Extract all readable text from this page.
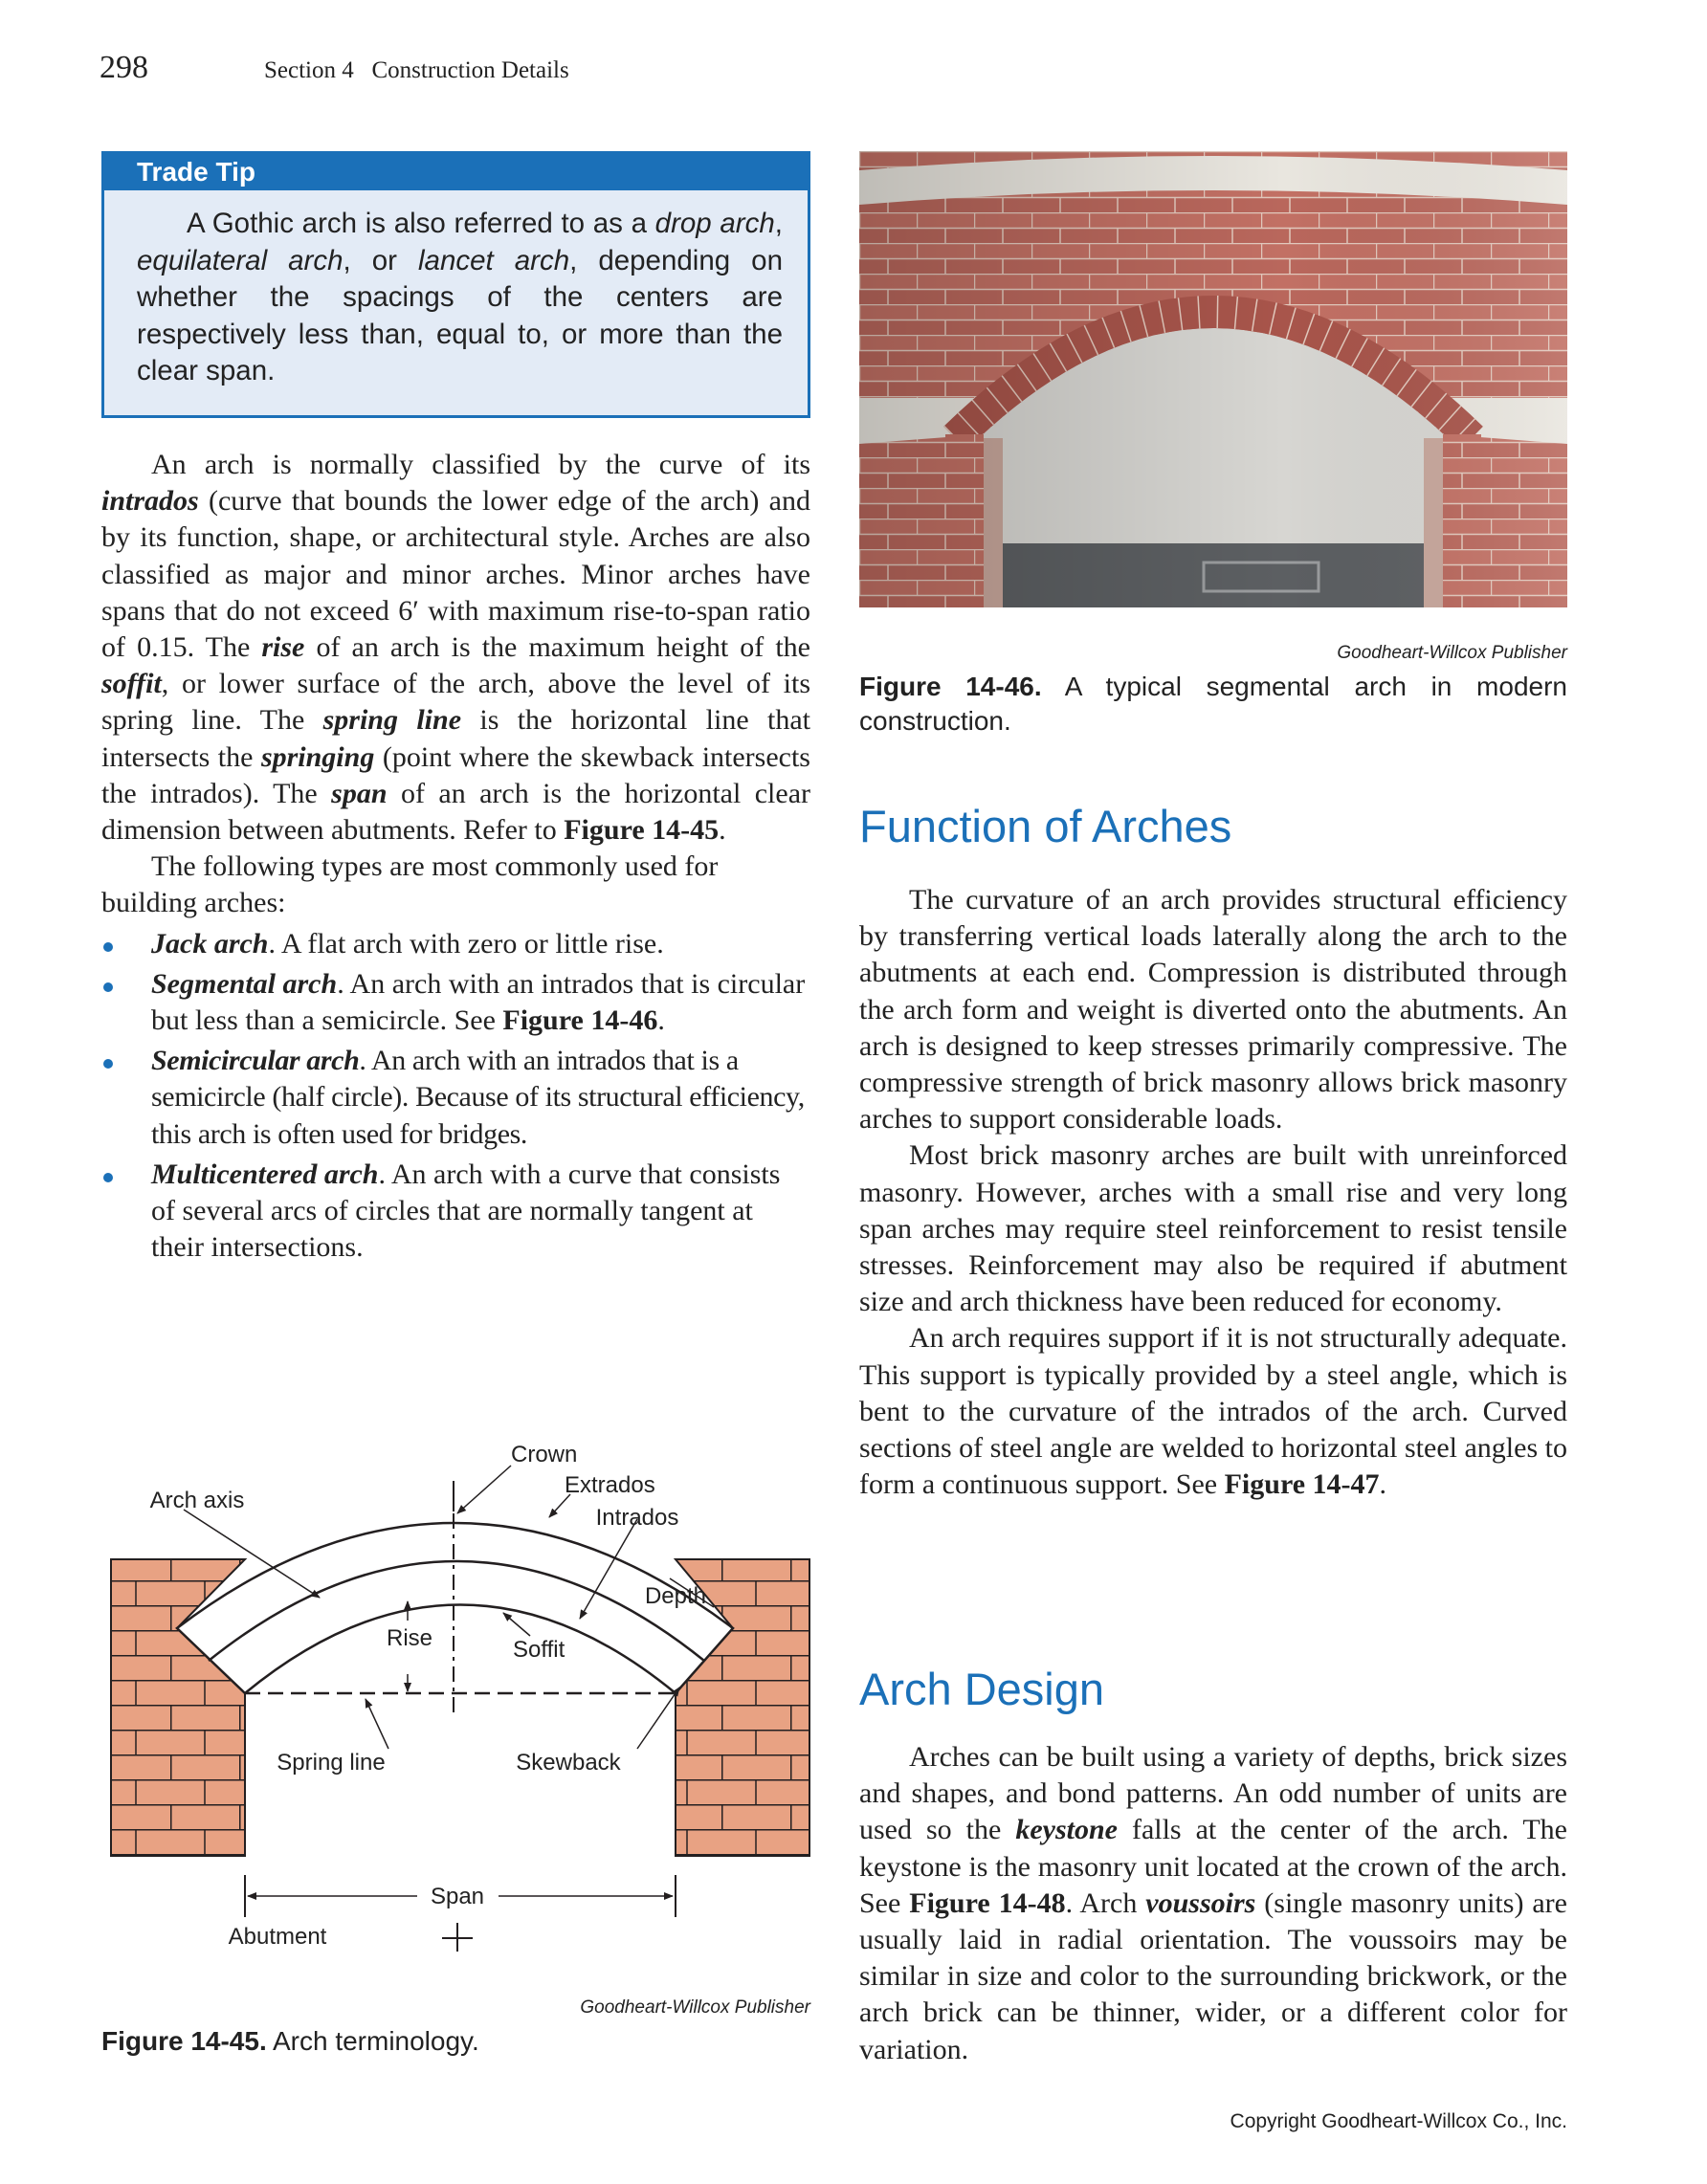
298	Section 4   Construction Details
Trade Tip
A Gothic arch is also referred to as a drop arch, equilateral arch, or lancet arch, depending on whether the spacings of the centers are respectively less than, equal to, or more than the clear span.

An arch is normally classified by the curve of its intrados (curve that bounds the lower edge of the arch) and by its function, shape, or architectural style. Arches are also classified as major and minor arches. Minor arches have spans that do not exceed 6′ with maximum rise-to-span ratio of 0.15. The rise of an arch is the maximum height of the soffit, or lower surface of the arch, above the level of its spring line. The spring line is the horizontal line that intersects the springing (point where the skewback intersects the intrados). The span of an arch is the horizontal clear dimension between abutments. Refer to Figure 14-45.

The following types are most commonly used for building arches:

Jack arch. A flat arch with zero or little rise.
Segmental arch. An arch with an intrados that is circular but less than a semicircle. See Figure 14-46.
Semicircular arch. An arch with an intrados that is a semicircle (half circle). Because of its structural efficiency, this arch is often used for bridges.
Multicentered arch. An arch with a curve that consists of several arcs of circles that are normally tangent at their intersections.
Crown
Extrados
Arch axis
Intrados
Depth
Rise	Soffit
Spring line	Skewback
Span
Abutment
Goodheart-Willcox Publisher
Figure 14-45. Arch terminology.
Goodheart-Willcox Publisher
Figure 14-46. A typical segmental arch in modern construction.
Function of Arches

The curvature of an arch provides structural efficiency by transferring vertical loads laterally along the arch to the abutments at each end. Compression is distributed through the arch form and weight is diverted onto the abutments. An arch is designed to keep stresses primarily compressive. The compressive strength of brick masonry allows brick masonry arches to support considerable loads.

Most brick masonry arches are built with unreinforced masonry. However, arches with a small rise and very long span arches may require steel reinforcement to resist tensile stresses. Reinforcement may also be required if abutment size and arch thickness have been reduced for economy.

An arch requires support if it is not structurally adequate. This support is typically provided by a steel angle, which is bent to the curvature of the intrados of the arch. Curved sections of steel angle are welded to horizontal steel angles to form a continuous support. See Figure 14-47.

Arch Design

Arches can be built using a variety of depths, brick sizes and shapes, and bond patterns. An odd number of units are used so the keystone falls at the center of the arch. The keystone is the masonry unit located at the crown of the arch. See Figure 14-48. Arch voussoirs (single masonry units) are usually laid in radial orientation. The voussoirs may be similar in size and color to the surrounding brickwork, or the arch brick can be thinner, wider, or a different color for variation.

Copyright Goodheart-Willcox Co., Inc.
